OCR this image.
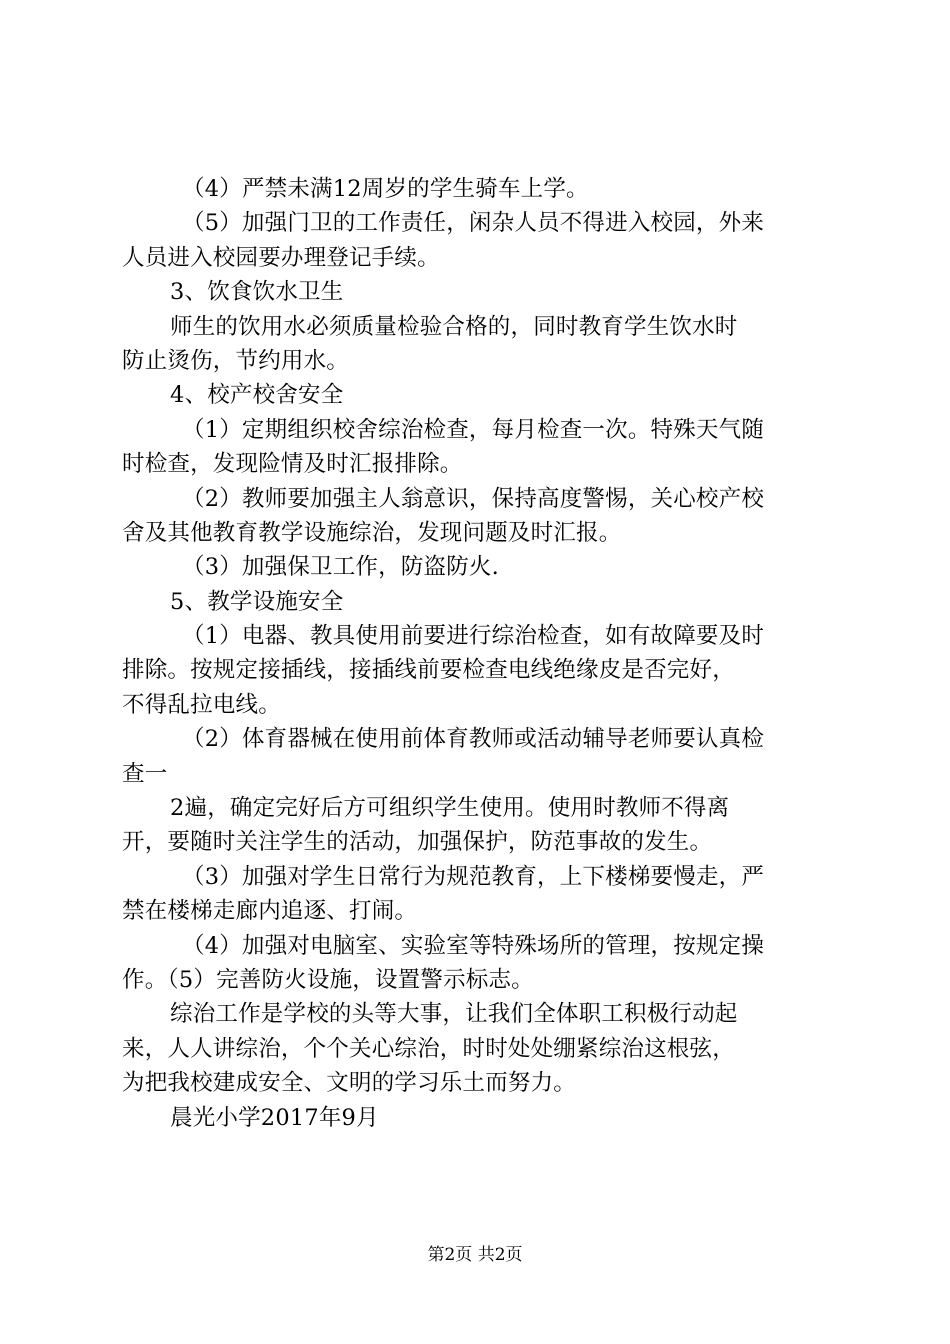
（4）严禁未满12周岁的学生骑车上学。
（5）加强门卫的工作责任，闲杂人员不得进入校园，外来
人员进入校园要办理登记手续。
3、饮食饮水卫生
师生的饮用水必须质量检验合格的，同时教育学生饮水时
防止烫伤，节约用水。
4、校产校舍安全
（1）定期组织校舍综治检查，每月检查一次。特殊天气随
时检查，发现险情及时汇报排除。
（2）教师要加强主人翁意识，保持高度警惕，关心校产校
舍及其他教育教学设施综治，发现问题及时汇报。
（3）加强保卫工作，防盗防火.
5、教学设施安全
（1）电器、教具使用前要进行综治检查，如有故障要及时
排除。按规定接插线，接插线前要检查电线绝缘皮是否完好，
不得乱拉电线。
（2）体育器械在使用前体育教师或活动辅导老师要认真检
查一
2遍，确定完好后方可组织学生使用。使用时教师不得离
开，要随时关注学生的活动，加强保护，防范事故的发生。
（3）加强对学生日常行为规范教育，上下楼梯要慢走，严
禁在楼梯走廊内追逐、打闹。
（4）加强对电脑室、实验室等特殊场所的管理，按规定操
作。（5）完善防火设施，设置警示标志。
综治工作是学校的头等大事，让我们全体职工积极行动起
来，人人讲综治，个个关心综治，时时处处绷紧综治这根弦，
为把我校建成安全、文明的学习乐土而努力。
晨光小学2017年9月
第2页 共2页
